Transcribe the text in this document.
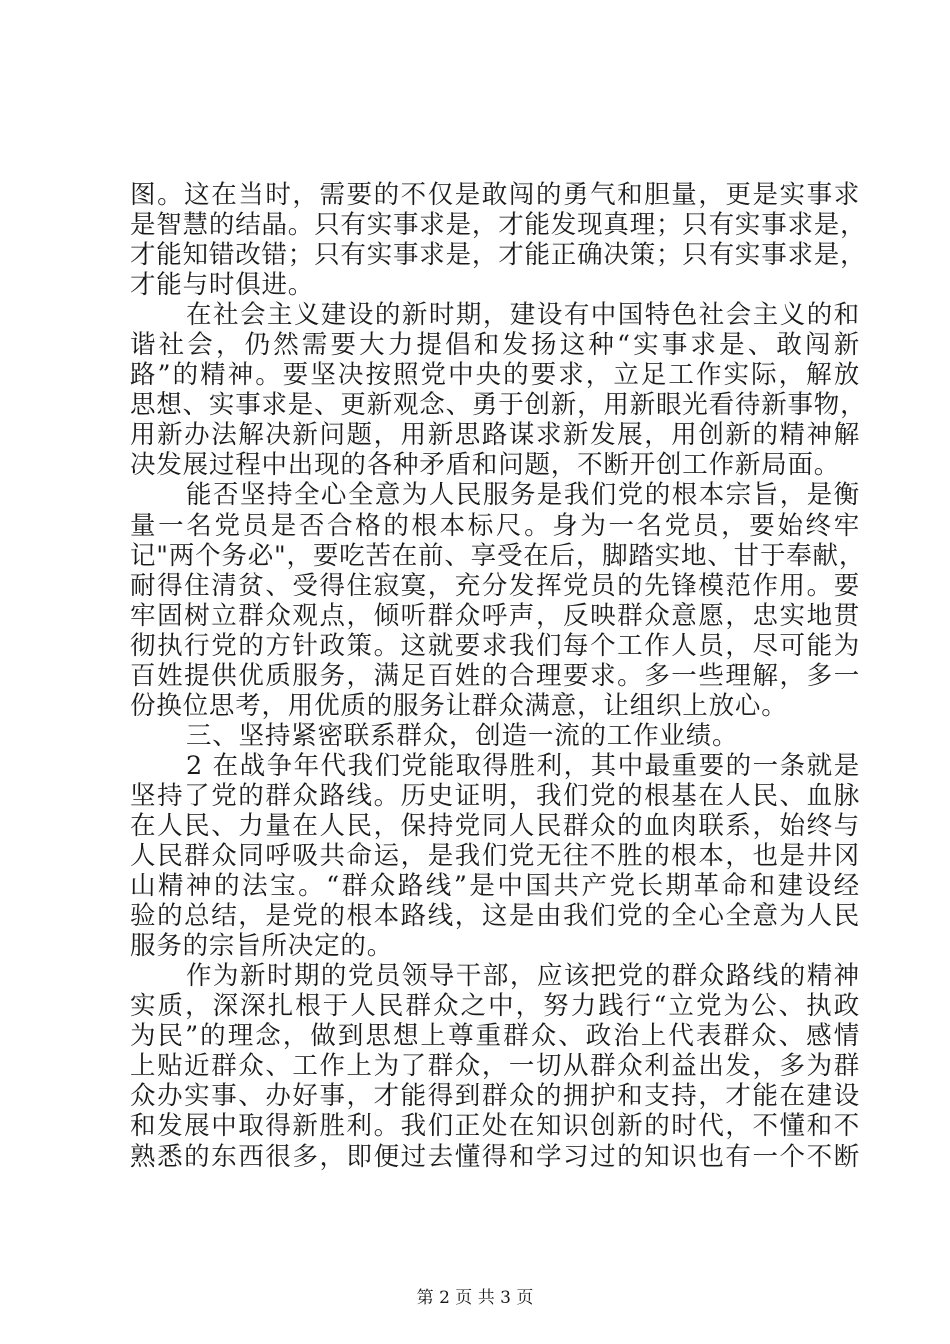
图。这在当时，需要的不仅是敢闯的勇气和胆量，更是实事求
是智慧的结晶。只有实事求是，才能发现真理；只有实事求是，
才能知错改错；只有实事求是，才能正确决策；只有实事求是，
才能与时俱进。
在社会主义建设的新时期，建设有中国特色社会主义的和
谐社会，仍然需要大力提倡和发扬这种“实事求是、敢闯新
路”的精神。要坚决按照党中央的要求，立足工作实际，解放
思想、实事求是、更新观念、勇于创新，用新眼光看待新事物，
用新办法解决新问题，用新思路谋求新发展，用创新的精神解
决发展过程中出现的各种矛盾和问题，不断开创工作新局面。
能否坚持全心全意为人民服务是我们党的根本宗旨，是衡
量一名党员是否合格的根本标尺。身为一名党员，要始终牢
记"两个务必"，要吃苦在前、享受在后，脚踏实地、甘于奉献，
耐得住清贫、受得住寂寞，充分发挥党员的先锋模范作用。要
牢固树立群众观点，倾听群众呼声，反映群众意愿，忠实地贯
彻执行党的方针政策。这就要求我们每个工作人员，尽可能为
百姓提供优质服务，满足百姓的合理要求。多一些理解，多一
份换位思考，用优质的服务让群众满意，让组织上放心。
三、坚持紧密联系群众，创造一流的工作业绩。
2 在战争年代我们党能取得胜利，其中最重要的一条就是
坚持了党的群众路线。历史证明，我们党的根基在人民、血脉
在人民、力量在人民，保持党同人民群众的血肉联系，始终与
人民群众同呼吸共命运，是我们党无往不胜的根本，也是井冈
山精神的法宝。“群众路线”是中国共产党长期革命和建设经
验的总结，是党的根本路线，这是由我们党的全心全意为人民
服务的宗旨所决定的。
作为新时期的党员领导干部，应该把党的群众路线的精神
实质，深深扎根于人民群众之中，努力践行“立党为公、执政
为民”的理念，做到思想上尊重群众、政治上代表群众、感情
上贴近群众、工作上为了群众，一切从群众利益出发，多为群
众办实事、办好事，才能得到群众的拥护和支持，才能在建设
和发展中取得新胜利。我们正处在知识创新的时代，不懂和不
熟悉的东西很多，即便过去懂得和学习过的知识也有一个不断
第 2 页 共 3 页
